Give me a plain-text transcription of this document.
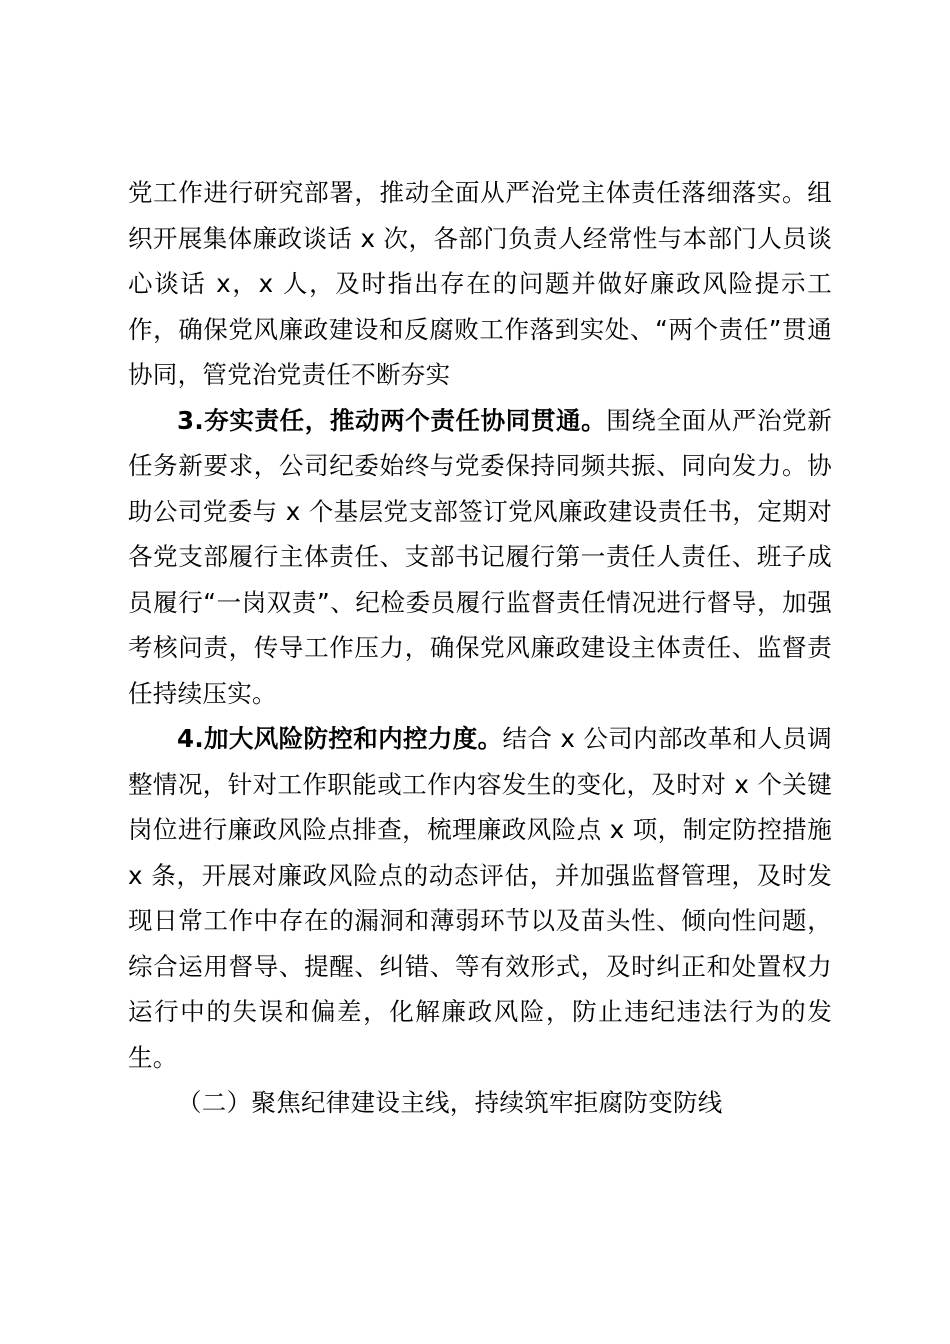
党工作进行研究部署，推动全面从严治党主体责任落细落实。组织开展集体廉政谈话 x 次，各部门负责人经常性与本部门人员谈心谈话 x，x 人，及时指出存在的问题并做好廉政风险提示工作，确保党风廉政建设和反腐败工作落到实处、“两个责任”贯通协同，管党治党责任不断夯实

3.夯实责任，推动两个责任协同贯通。围绕全面从严治党新任务新要求，公司纪委始终与党委保持同频共振、同向发力。协助公司党委与 x 个基层党支部签订党风廉政建设责任书，定期对各党支部履行主体责任、支部书记履行第一责任人责任、班子成员履行“一岗双责”、纪检委员履行监督责任情况进行督导，加强考核问责，传导工作压力，确保党风廉政建设主体责任、监督责任持续压实。

4.加大风险防控和内控力度。结合 x 公司内部改革和人员调整情况，针对工作职能或工作内容发生的变化，及时对 x 个关键岗位进行廉政风险点排查，梳理廉政风险点 x 项，制定防控措施 x 条，开展对廉政风险点的动态评估，并加强监督管理，及时发现日常工作中存在的漏洞和薄弱环节以及苗头性、倾向性问题，综合运用督导、提醒、纠错、等有效形式，及时纠正和处置权力运行中的失误和偏差，化解廉政风险，防止违纪违法行为的发生。

（二）聚焦纪律建设主线，持续筑牢拒腐防变防线
